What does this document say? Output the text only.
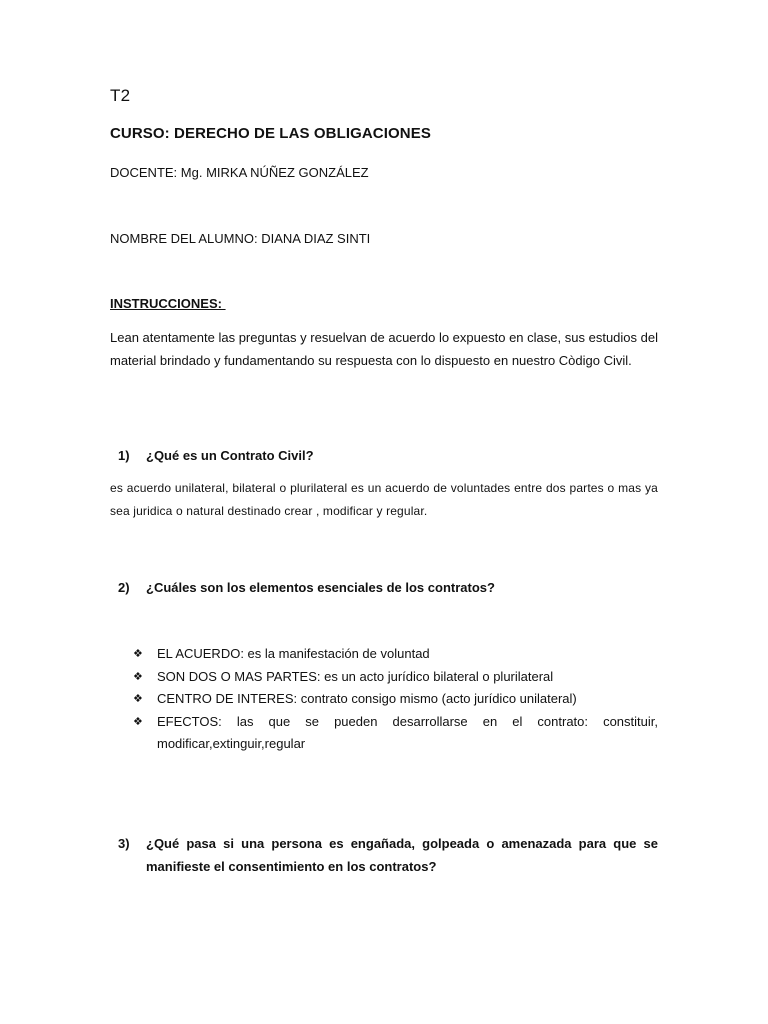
T2
CURSO: DERECHO DE LAS OBLIGACIONES
DOCENTE: Mg. MIRKA NÚÑEZ GONZÁLEZ
NOMBRE DEL ALUMNO: DIANA DIAZ SINTI
INSTRUCCIONES:
Lean atentamente las preguntas y resuelvan de acuerdo lo expuesto en clase, sus estudios del material brindado y fundamentando su respuesta con lo dispuesto en nuestro Còdigo Civil.
1)	¿Qué es un Contrato Civil?
es acuerdo unilateral, bilateral o plurilateral es un acuerdo de voluntades entre dos partes o mas ya sea juridica o natural destinado crear , modificar y regular.
2)	¿Cuáles son los elementos esenciales de los contratos?
❖	EL ACUERDO: es la manifestación de voluntad
❖	SON DOS O MAS PARTES: es un acto jurídico bilateral o plurilateral
❖	CENTRO DE INTERES: contrato consigo mismo (acto jurídico unilateral)
❖	EFECTOS: las que se pueden desarrollarse en el contrato: constituir, modificar,extinguir,regular
3)	¿Qué pasa si una persona es engañada, golpeada o amenazada para que se manifieste el consentimiento en los contratos?
